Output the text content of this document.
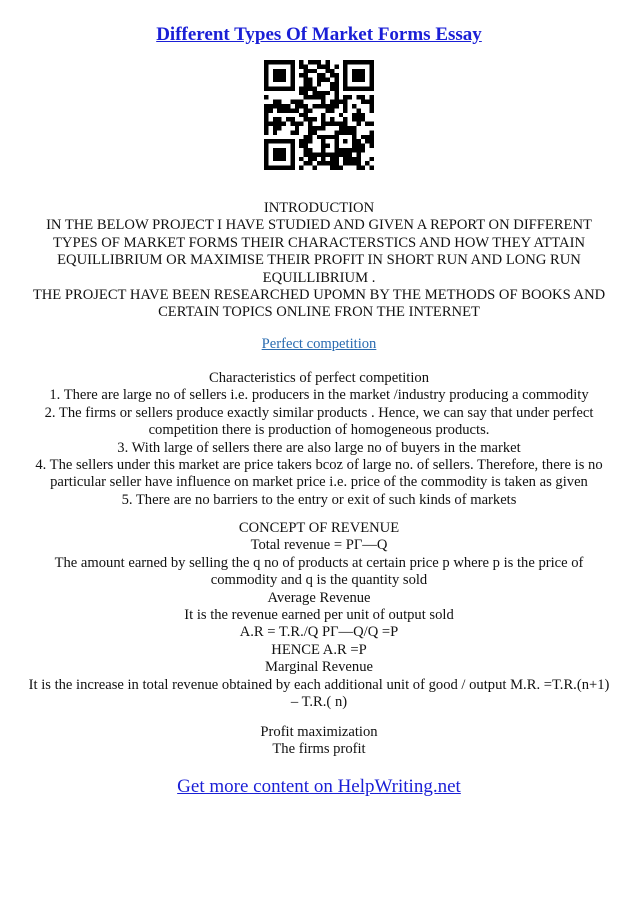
Different Types Of Market Forms Essay

INTRODUCTION

IN THE BELOW PROJECT I HAVE STUDIED AND GIVEN A REPORT ON DIFFERENT

TYPES OF MARKET FORMS THEIR CHARACTERSTICS AND HOW THEY ATTAIN

EQUILLIBRIUM OR MAXIMISE THEIR PROFIT IN SHORT RUN AND LONG RUN

EQUILLIBRIUM .

THE PROJECT HAVE BEEN RESEARCHED UPOMN BY THE METHODS OF BOOKS AND

CERTAIN TOPICS ONLINE FRON THE INTERNET

Perfect competition

Characteristics of perfect competition

1. There are large no of sellers i.e. producers in the market /industry producing a commodity

2. The firms or sellers produce exactly similar products . Hence, we can say that under perfect

competition there is production of homogeneous products.

3. With large of sellers there are also large no of buyers in the market

4. The sellers under this market are price takers bcoz of large no. of sellers. Therefore, there is no

particular seller have influence on market price i.e. price of the commodity is taken as given

5. There are no barriers to the entry or exit of such kinds of markets

CONCEPT OF REVENUE

Total revenue = PΓ—Q

The amount earned by selling the q no of products at certain price p where p is the price of

commodity and q is the quantity sold

Average Revenue

It is the revenue earned per unit of output sold

A.R = T.R./Q PΓ—Q/Q =P

HENCE A.R =P

Marginal Revenue

It is the increase in total revenue obtained by each additional unit of good / output M.R. =T.R.(n+1)

– T.R.( n)

Profit maximization

The firms profit

Get more content on HelpWriting.net
